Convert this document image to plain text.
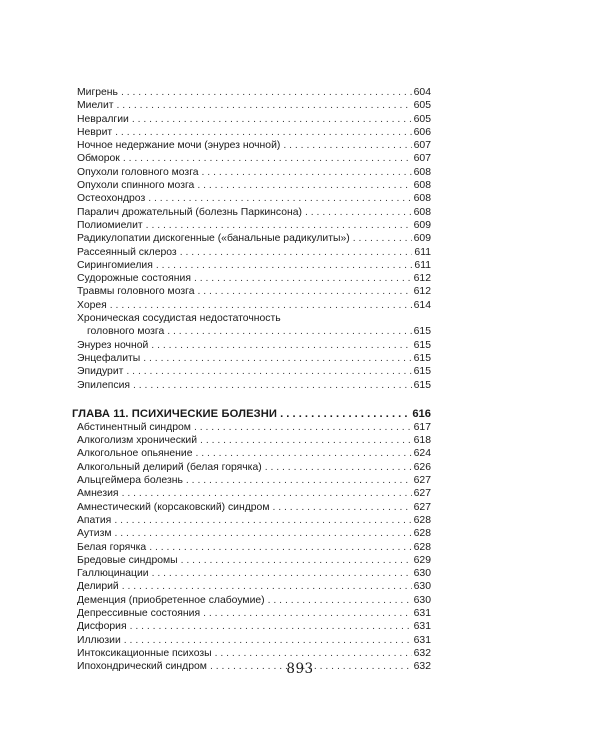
Мигрень . . .	604
Миелит . . .	605
Невралгии . . .	605
Неврит . . .	606
Ночное недержание мочи (энурез ночной) . . .	607
Обморок . . .	607
Опухоли головного мозга . . .	608
Опухоли спинного мозга . . .	608
Остеохондроз . . .	608
Паралич дрожательный (болезнь Паркинсона) . . .	608
Полиомиелит . . .	609
Радикулопатии дискогенные («банальные радикулиты») . . .	609
Рассеянный склероз . . .	611
Сирингомиелия . . .	611
Судорожные состояния . . .	612
Травмы головного мозга . . .	612
Хорея . . .	614
Хроническая сосудистая недостаточность
головного мозга . . .	615
Энурез ночной . . .	615
Энцефалиты . . .	615
Эпидурит . . .	615
Эпилепсия . . .	615
ГЛАВА 11. ПСИХИЧЕСКИЕ БОЛЕЗНИ . . .	616
Абстинентный синдром . . .	617
Алкоголизм хронический . . .	618
Алкогольное опьянение . . .	624
Алкогольный делирий (белая горячка) . . .	626
Альцгеймера болезнь . . .	627
Амнезия . . .	627
Амнестический (корсаковский) синдром . . .	627
Апатия . . .	628
Аутизм . . .	628
Белая горячка . . .	628
Бредовые синдромы . . .	629
Галлюцинации . . .	630
Делирий . . .	630
Деменция (приобретенное слабоумие) . . .	630
Депрессивные состояния . . .	631
Дисфория . . .	631
Иллюзии . . .	631
Интоксикационные психозы . . .	632
Ипохондрический синдром . . .	632
893
